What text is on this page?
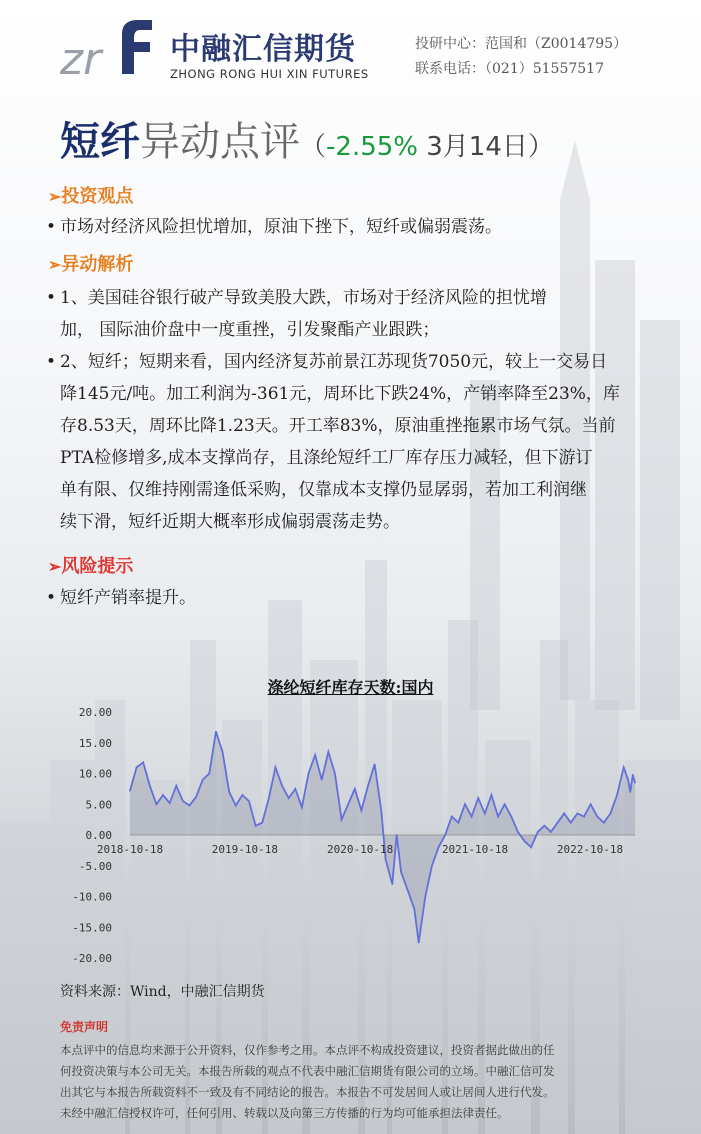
zr 中融汇信期货
ZHONG RONG HUI XIN FUTURES
投研中心：范国和（Z0014795）
联系电话：（021）51557517
短纤异动点评（-2.55% 3月14日）
➢投资观点
• 市场对经济风险担忧增加，原油下挫下，短纤或偏弱震荡。
➢异动解析
• 1、美国硅谷银行破产导致美股大跌，市场对于经济风险的担忧增
加， 国际油价盘中一度重挫，引发聚酯产业跟跌；
• 2、短纤；短期来看，国内经济复苏前景江苏现货7050元，较上一交易日
降145元/吨。加工利润为-361元，周环比下跌24%，产销率降至23%，库
存8.53天，周环比降1.23天。开工率83%，原油重挫拖累市场气氛。当前
PTA检修增多,成本支撑尚存，且涤纶短纤工厂库存压力减轻，但下游订
单有限、仅维持刚需逢低采购，仅靠成本支撑仍显孱弱，若加工利润继
续下滑，短纤近期大概率形成偏弱震荡走势。
➢风险提示
• 短纤产销率提升。
涤纶短纤库存天数:国内
20.00
15.00
10.00
5.00
0.00
-5.00
-10.00
-15.00
-20.00
2018-10-18	2019-10-18	2020-10-18	2021-10-18	2022-10-18
资料来源：Wind，中融汇信期货
免责声明
本点评中的信息均来源于公开资料，仅作参考之用。本点评不构成投资建议，投资者据此做出的任
何投资决策与本公司无关。本报告所载的观点不代表中融汇信期货有限公司的立场。中融汇信可发
出其它与本报告所载资料不一致及有不同结论的报告。本报告不可发居间人或让居间人进行代发。
未经中融汇信授权许可，任何引用、转载以及向第三方传播的行为均可能承担法律责任。
